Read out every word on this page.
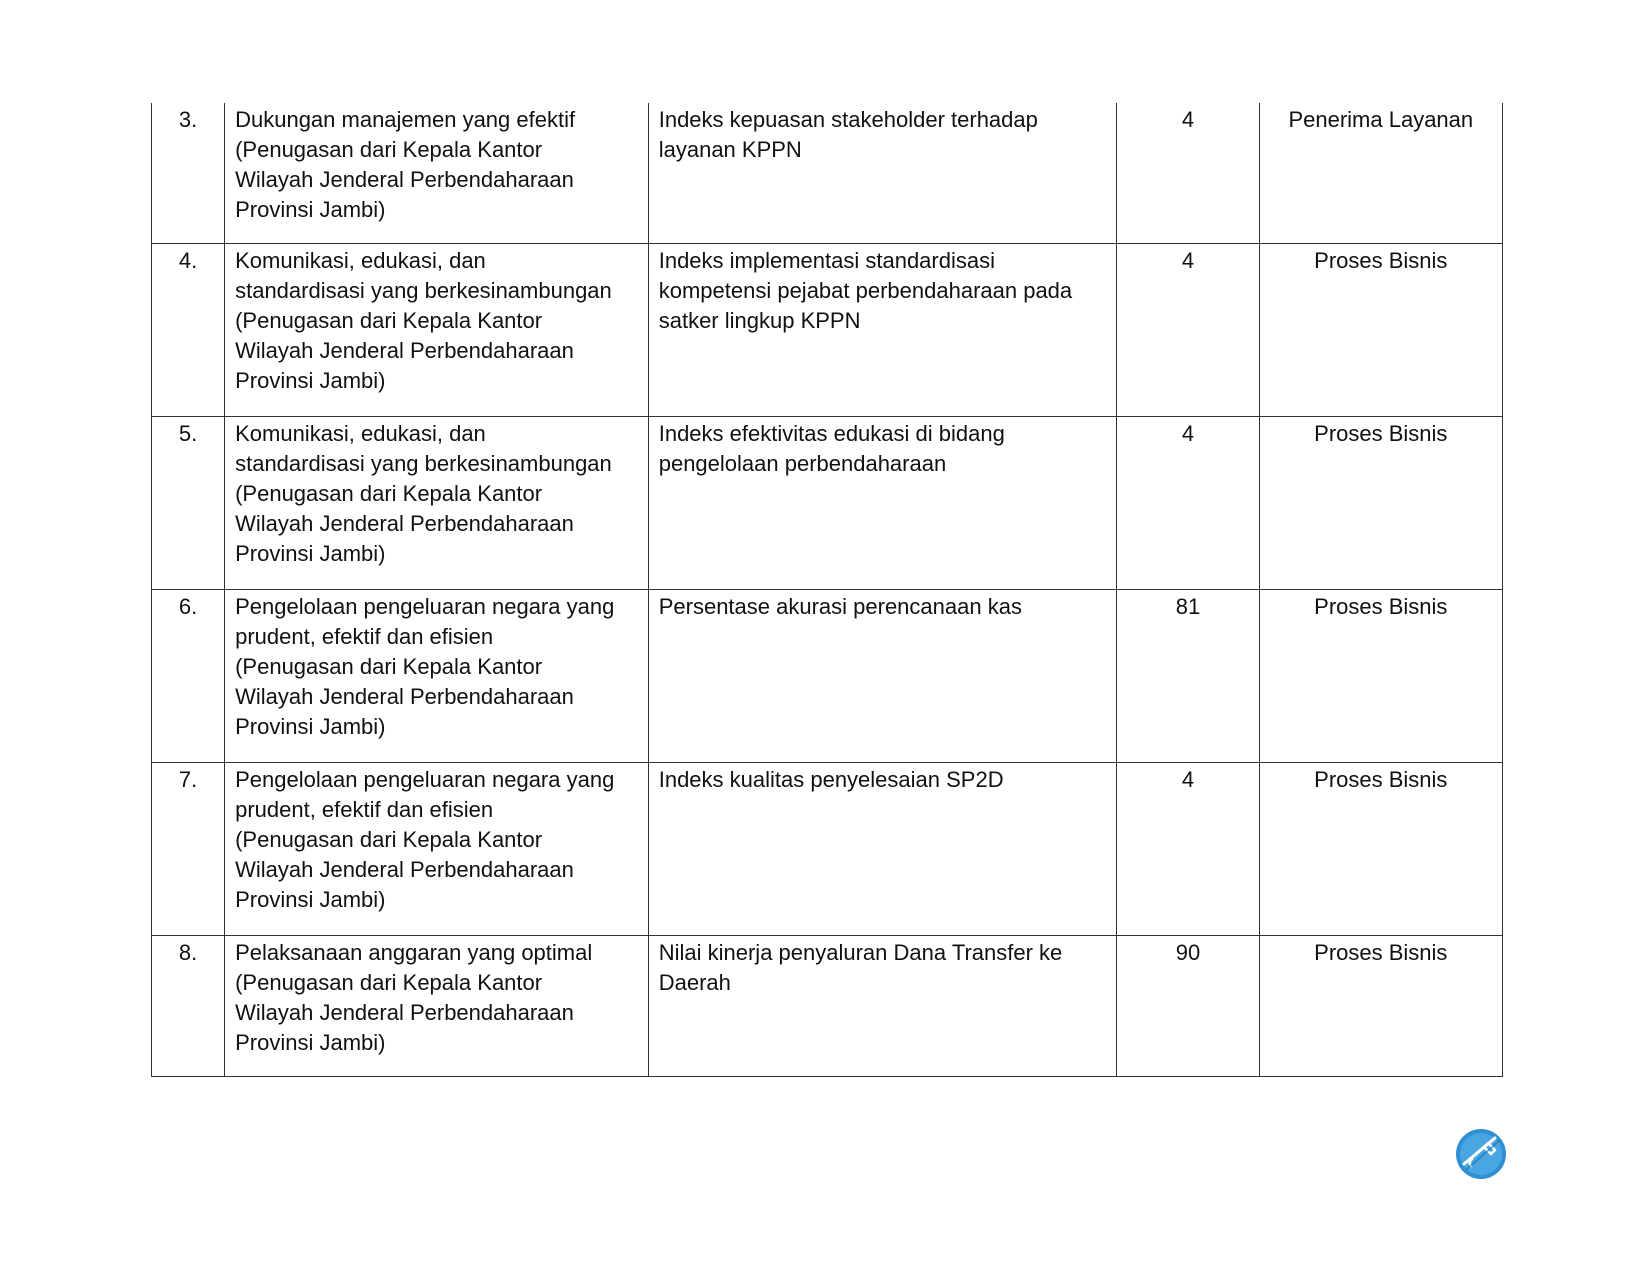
3.	Dukungan manajemen yang efektif
(Penugasan dari Kepala Kantor
Wilayah Jenderal Perbendaharaan
Provinsi Jambi)	Indeks kepuasan stakeholder terhadap
layanan KPPN	4	Penerima Layanan
4.	Komunikasi, edukasi, dan
standardisasi yang berkesinambungan
(Penugasan dari Kepala Kantor
Wilayah Jenderal Perbendaharaan
Provinsi Jambi)	Indeks implementasi standardisasi
kompetensi pejabat perbendaharaan pada
satker lingkup KPPN	4	Proses Bisnis
5.	Komunikasi, edukasi, dan
standardisasi yang berkesinambungan
(Penugasan dari Kepala Kantor
Wilayah Jenderal Perbendaharaan
Provinsi Jambi)	Indeks efektivitas edukasi di bidang
pengelolaan perbendaharaan	4	Proses Bisnis
6.	Pengelolaan pengeluaran negara yang
prudent, efektif dan efisien
(Penugasan dari Kepala Kantor
Wilayah Jenderal Perbendaharaan
Provinsi Jambi)	Persentase akurasi perencanaan kas	81	Proses Bisnis
7.	Pengelolaan pengeluaran negara yang
prudent, efektif dan efisien
(Penugasan dari Kepala Kantor
Wilayah Jenderal Perbendaharaan
Provinsi Jambi)	Indeks kualitas penyelesaian SP2D	4	Proses Bisnis
8.	Pelaksanaan anggaran yang optimal
(Penugasan dari Kepala Kantor
Wilayah Jenderal Perbendaharaan
Provinsi Jambi)	Nilai kinerja penyaluran Dana Transfer ke
Daerah	90	Proses Bisnis
